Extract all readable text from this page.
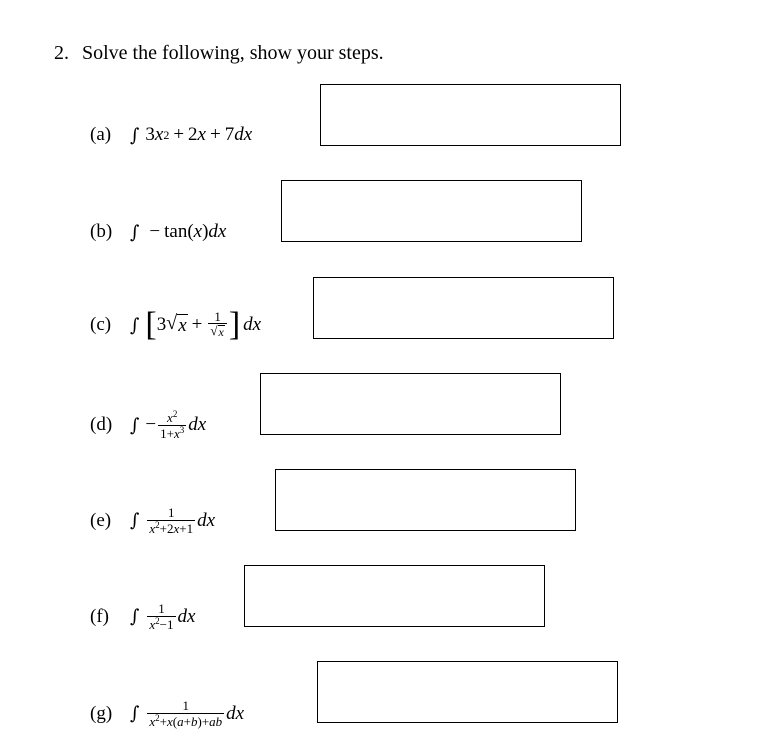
2. Solve the following, show your steps.
(a)	∫ 3 x 2 + 2 x + 7 dx
(b) ∫ − tan( x ) dx
(c)	∫ [ 3 √ $x + \frac{1}{√ x}$ ] dx
(d) ∫ − $\frac{x^2}{1+x^3}$ dx
(e)	∫ $\frac{1}{x^2+2x+1}$ dx
(f)	∫ $\frac{1}{x^2-1}$ dx
(g) ∫ $\frac{1}{x^2+x(a+b)+ab}$ dx
